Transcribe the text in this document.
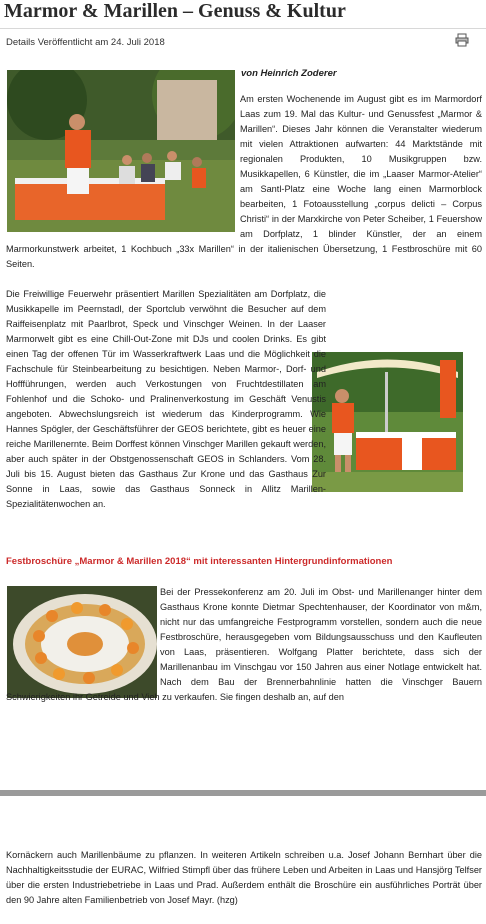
Marmor & Marillen – Genuss & Kultur
Details Veröffentlicht am 24. Juli 2018
von Heinrich Zoderer

Am ersten Wochenende im August gibt es im Marmordorf Laas zum 19. Mal das Kultur- und Genussfest „Marmor & Marillen“. Dieses Jahr können die Veranstalter wiederum mit vielen Attraktionen aufwarten: 44 Marktstände mit regionalen Produkten, 10 Musikgruppen bzw. Musikkapellen, 6 Künstler, die im „Laaser Marmor-Atelier“ am Santl-Platz eine Woche lang einen Marmorblock bearbeiten, 1 Fotoausstellung „corpus delicti – Corpus Christi“ in der Marxkirche von Peter Scheiber, 1 Feuershow am Dorfplatz, 1 blinder Künstler, der an einem Marmorkunstwerk arbeitet, 1 Kochbuch „33x Marillen“ in der italienischen Übersetzung, 1 Festbroschüre mit 60 Seiten.

Die Freiwillige Feuerwehr präsentiert Marillen Spezialitäten am Dorfplatz, die Musikkapelle im Peernstadl, der Sportclub verwöhnt die Besucher auf dem Raiffeisenplatz mit Paarlbrot, Speck und Vinschger Weinen. In der Laaser Marmorwelt gibt es eine Chill-Out-Zone mit DJs und coolen Drinks. Es gibt einen Tag der offenen Tür im Wasserkraftwerk Laas und die Möglichkeit die Fachschule für Steinbearbeitung zu besichtigen. Neben Marmor-, Dorf- und Hoffführungen, werden auch Verkostungen von Fruchtdestillaten am Fohlenhof und die Schoko- und Pralinenverkostung im Geschäft Venustis angeboten. Abwechslungsreich ist wiederum das Kinderprogramm. Wie Hannes Spögler, der Geschäftsführer der GEOS berichtete, gibt es heuer eine reiche Marillenernte. Beim Dorffest können Vinschger Marillen gekauft werden, aber auch später in der Obstgenossenschaft GEOS in Schlanders. Vom 28. Juli bis 15. August bieten das Gasthaus Zur Krone und das Gasthaus Zur Sonne in Laas, sowie das Gasthaus Sonneck in Allitz Marillen-Spezialitätenwochen an.

Festbroschüre „Marmor & Marillen 2018“ mit interessanten Hintergrundinformationen

Bei der Pressekonferenz am 20. Juli im Obst- und Marillenanger hinter dem Gasthaus Krone konnte Dietmar Spechtenhauser, der Koordinator von m&m, nicht nur das umfangreiche Festprogramm vorstellen, sondern auch die neue Festbroschüre, herausgegeben vom Bildungsausschuss und den Kaufleuten von Laas, präsentieren. Wolfgang Platter berichtete, dass sich der Marillenanbau im Vinschgau vor 150 Jahren aus einer Notlage entwickelt hat. Nach dem Bau der Brennerbahnlinie hatten die Vinschger Bauern Schwierigkeiten ihr Getreide und Vieh zu verkaufen. Sie fingen deshalb an, auf den

Kornäckern auch Marillenbäume zu pflanzen. In weiteren Artikeln schreiben u.a. Josef Johann Bernhart über die Nachhaltigkeitsstudie der EURAC, Wilfried Stimpfl über das frühere Leben und Arbeiten in Laas und Hansjörg Telfser über die ersten Industriebetriebe in Laas und Prad. Außerdem enthält die Broschüre ein ausführliches Porträt über den 90 Jahre alten Familienbetrieb von Josef Mayr. (hzg)
